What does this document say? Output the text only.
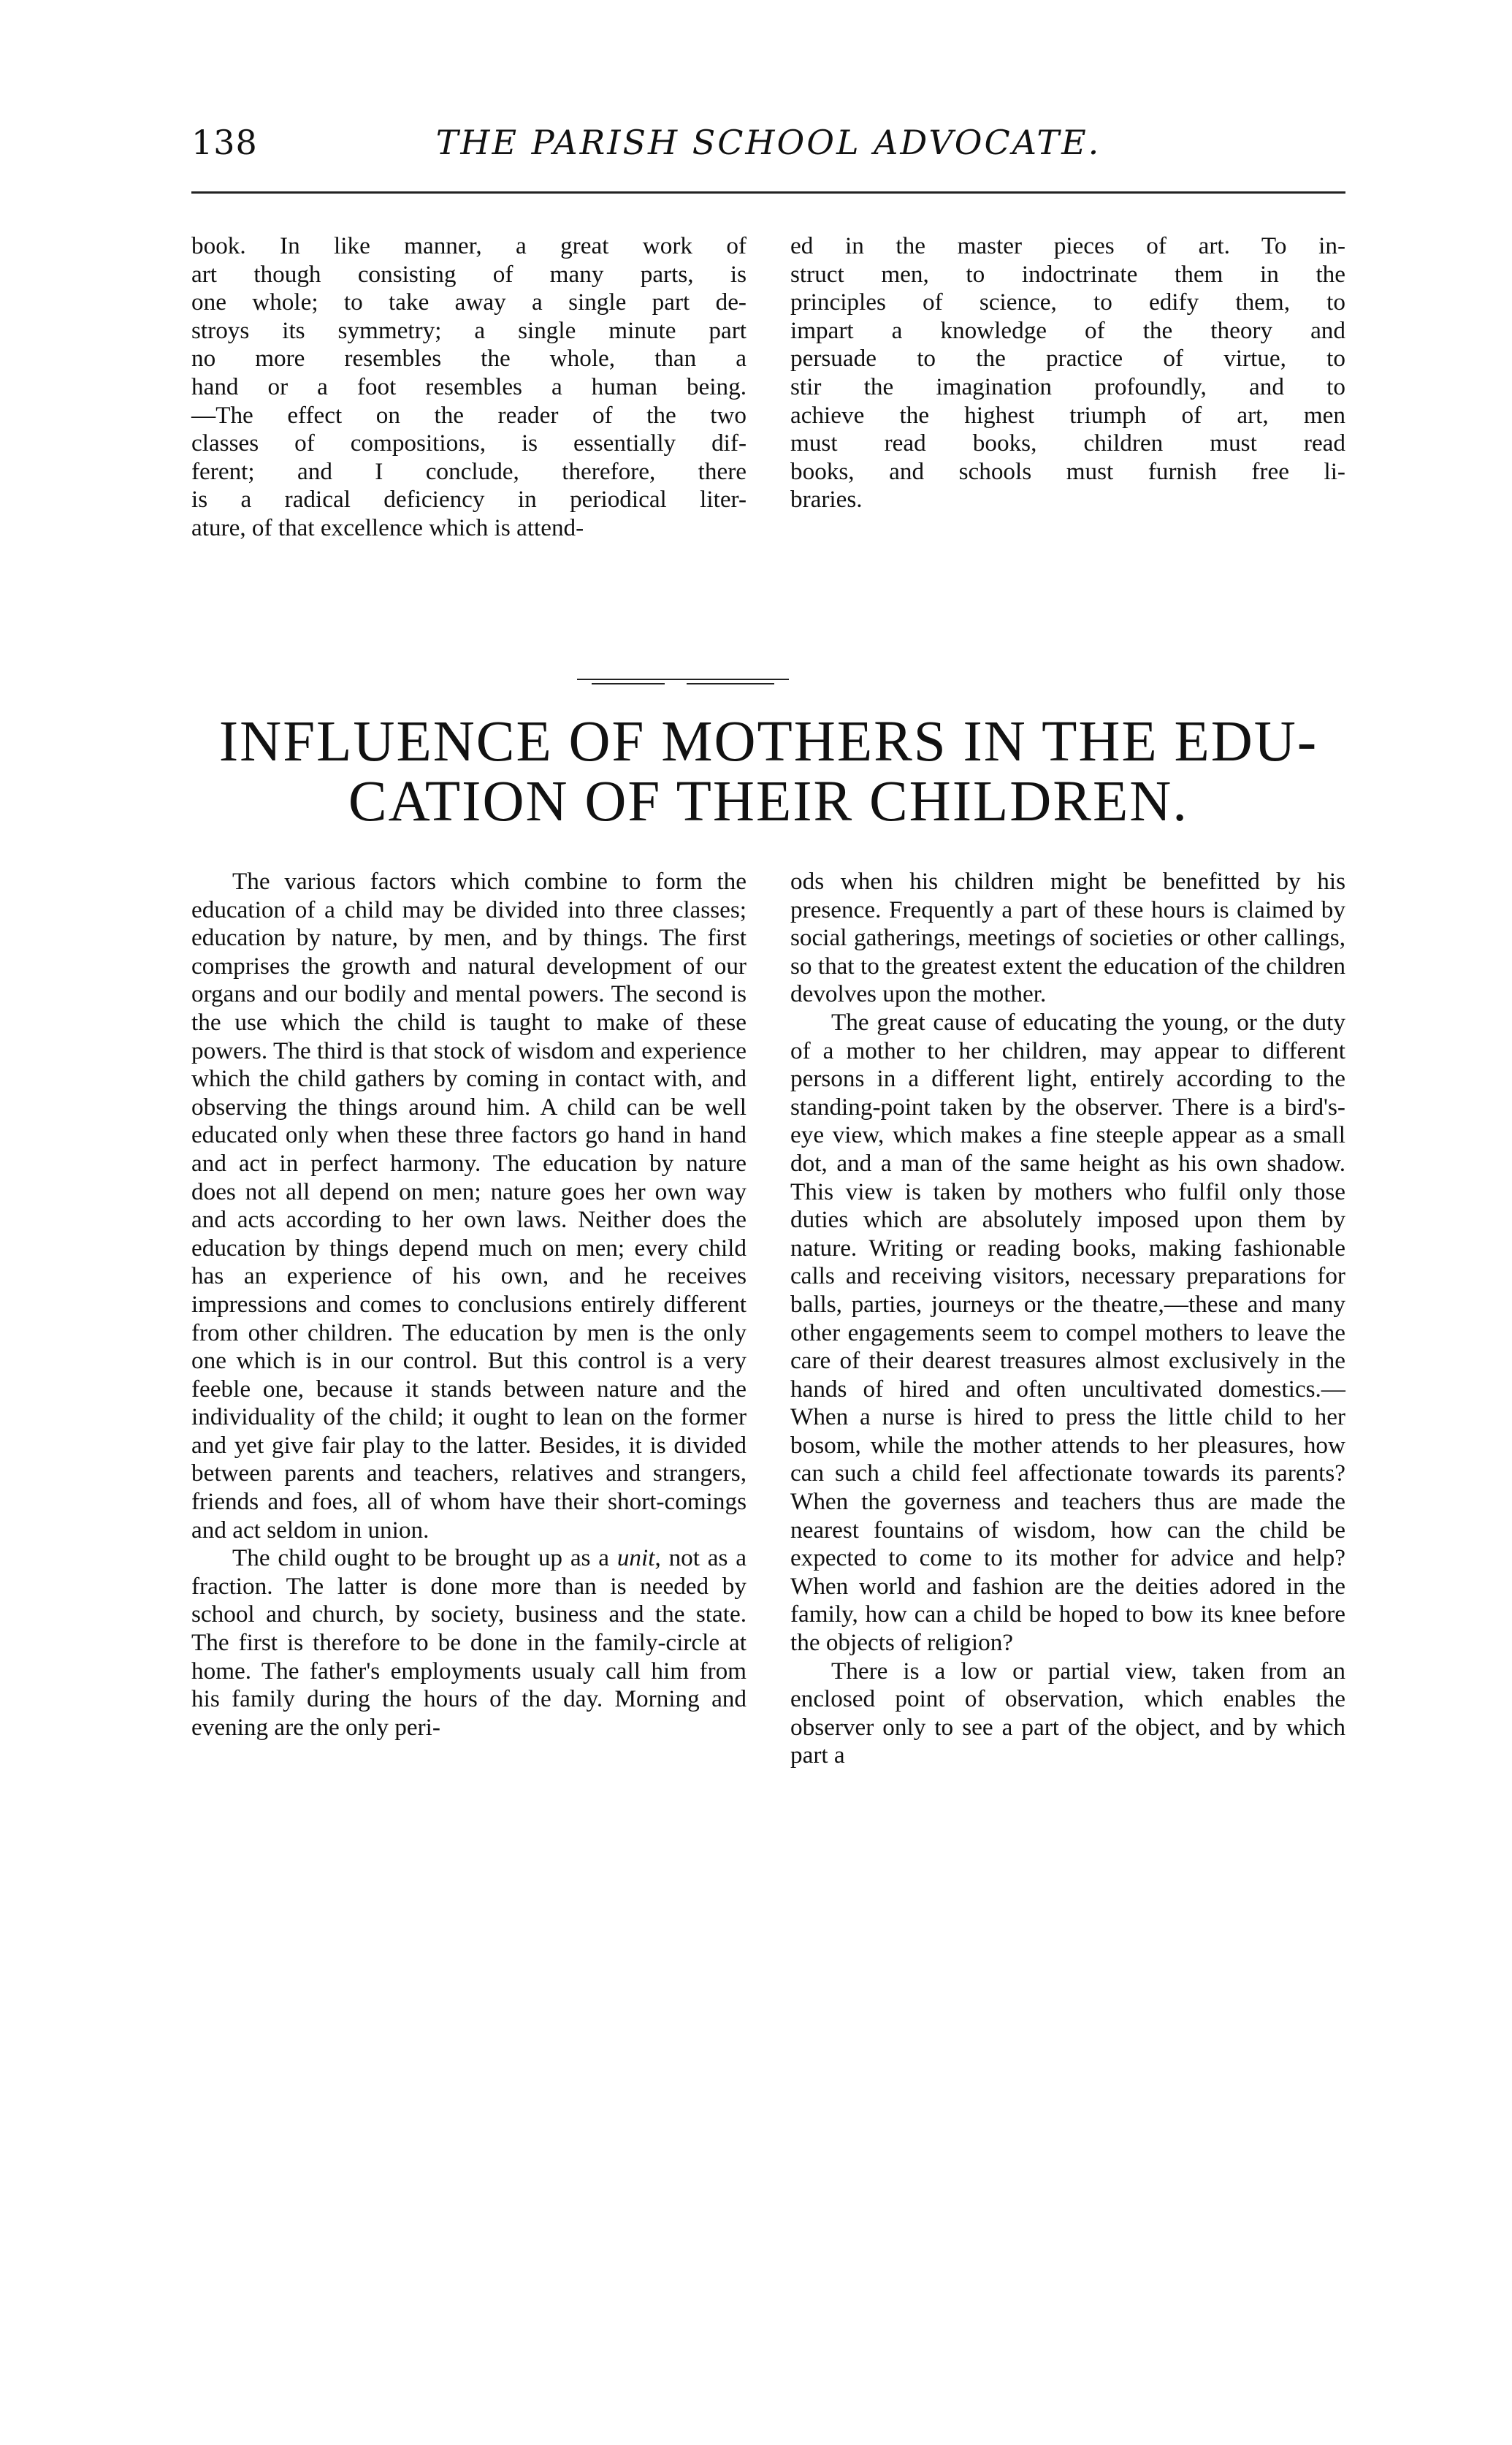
138	THE PARISH SCHOOL ADVOCATE.
book. In like manner, a great work of
art though consisting of many parts, is
one whole; to take away a single part de-
stroys its symmetry; a single minute part
no more resembles the whole, than a
hand or a foot resembles a human being.
—The effect on the reader of the two
classes of compositions, is essentially dif-
ferent; and I conclude, therefore, there
is a radical deficiency in periodical liter-
ature, of that excellence which is attend-
ed in the master pieces of art. To in-
struct men, to indoctrinate them in the
principles of science, to edify them, to
impart a knowledge of the theory and
persuade to the practice of virtue, to
stir the imagination profoundly, and to
achieve the highest triumph of art, men
must read books, children must read
books, and schools must furnish free li-
braries.
INFLUENCE OF MOTHERS IN THE EDU-
CATION OF THEIR CHILDREN.

The various factors which combine to form the education of a child may be divided into three classes; education by nature, by men, and by things. The first comprises the growth and natural development of our organs and our bodily and mental powers. The second is the use which the child is taught to make of these powers. The third is that stock of wisdom and experience which the child gathers by coming in contact with, and observing the things around him. A child can be well educated only when these three factors go hand in hand and act in perfect harmony. The education by nature does not all depend on men; nature goes her own way and acts according to her own laws. Neither does the education by things depend much on men; every child has an experience of his own, and he receives impressions and comes to conclusions entirely different from other children. The education by men is the only one which is in our control. But this control is a very feeble one, because it stands between nature and the individuality of the child; it ought to lean on the former and yet give fair play to the latter. Besides, it is divided between parents and teachers, relatives and strangers, friends and foes, all of whom have their short-comings and act seldom in union.

The child ought to be brought up as a unit, not as a fraction. The latter is done more than is needed by school and church, by society, business and the state. The first is therefore to be done in the family-circle at home. The father's employments usualy call him from his family during the hours of the day. Morning and evening are the only peri-

ods when his children might be benefitted by his presence. Frequently a part of these hours is claimed by social gatherings, meetings of societies or other callings, so that to the greatest extent the education of the children devolves upon the mother.

The great cause of educating the young, or the duty of a mother to her children, may appear to different persons in a different light, entirely according to the standing-point taken by the observer. There is a bird's-eye view, which makes a fine steeple appear as a small dot, and a man of the same height as his own shadow. This view is taken by mothers who fulfil only those duties which are absolutely imposed upon them by nature. Writing or reading books, making fashionable calls and receiving visitors, necessary preparations for balls, parties, journeys or the theatre,—these and many other engagements seem to compel mothers to leave the care of their dearest treasures almost exclusively in the hands of hired and often uncultivated domestics.— When a nurse is hired to press the little child to her bosom, while the mother attends to her pleasures, how can such a child feel affectionate towards its parents? When the governess and teachers thus are made the nearest fountains of wisdom, how can the child be expected to come to its mother for advice and help? When world and fashion are the deities adored in the family, how can a child be hoped to bow its knee before the objects of religion?

There is a low or partial view, taken from an enclosed point of observation, which enables the observer only to see a part of the object, and by which part a
